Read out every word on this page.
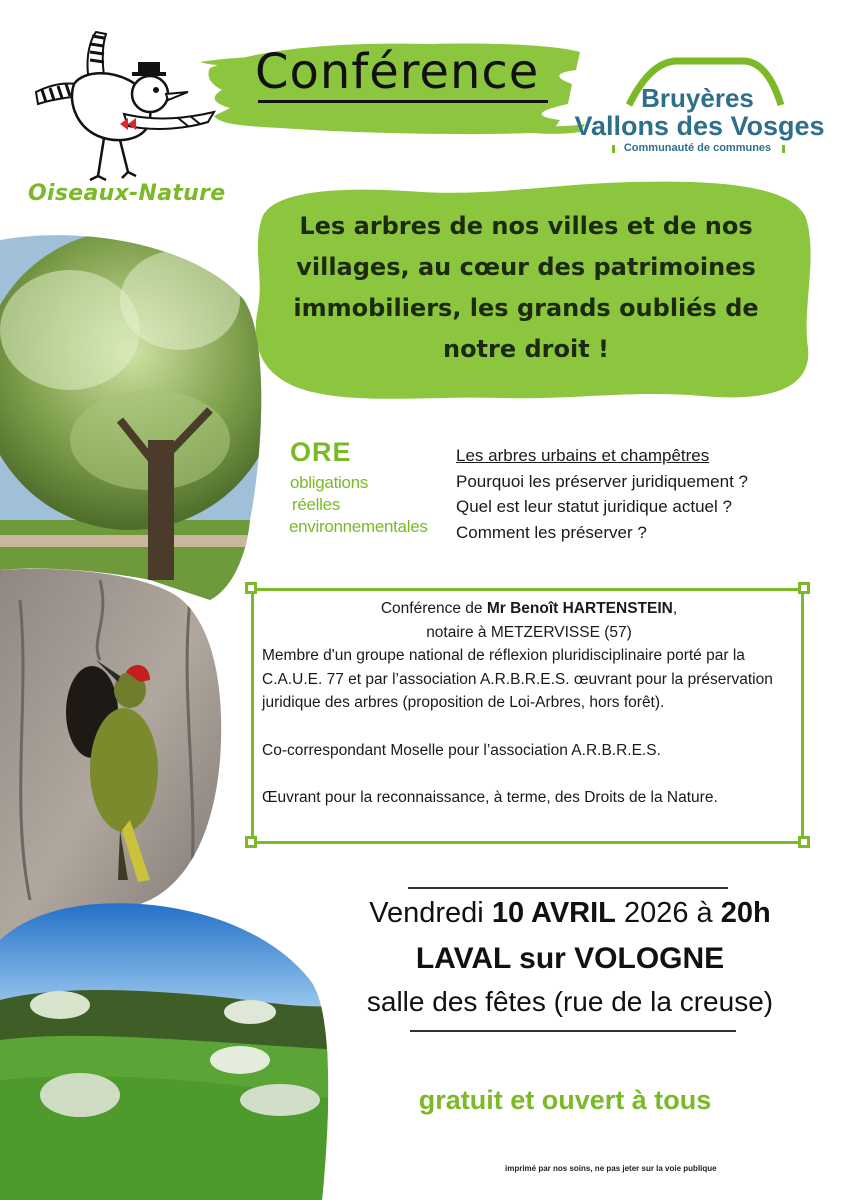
Conférence
Oiseaux-Nature
Bruyères
Vallons des Vosges
Communauté de communes
Les arbres de nos villes et de nos villages, au cœur des patrimoines immobiliers, les grands oubliés de notre droit !
ORE
obligations
réelles
environnementales
Les arbres urbains et champêtres
Pourquoi les préserver juridiquement ?
Quel est leur statut juridique actuel ?
Comment les préserver ?
Conférence de Mr Benoît HARTENSTEIN,
notaire à METZERVISSE (57)
Membre d'un groupe national de réflexion pluridisciplinaire porté par la C.A.U.E. 77 et par l’association A.R.B.R.E.S. œuvrant pour la préservation juridique des arbres (proposition de Loi-Arbres, hors forêt).
Co-correspondant Moselle pour l’association A.R.B.R.E.S.
Œuvrant pour la reconnaissance, à terme, des Droits de la Nature.
Vendredi 10 AVRIL 2026 à 20h
LAVAL sur VOLOGNE
salle des fêtes (rue de la creuse)
gratuit et ouvert à tous
imprimé par nos soins, ne pas jeter sur la voie publique
